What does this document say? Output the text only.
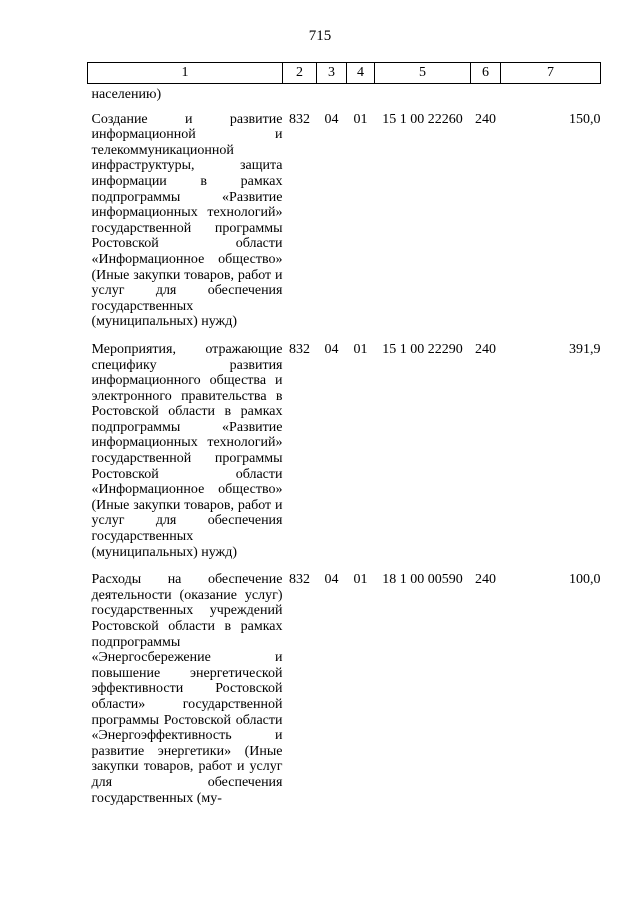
715
1	2	3	4	5	6	7
населению)						
Создание и развитие информационной и телекоммуникационной инфраструктуры, защита информации в рамках подпрограммы «Развитие информационных технологий» государственной программы Ростовской области «Информационное общество» (Иные закупки товаров, работ и услуг для обеспечения государственных (муниципальных) нужд)	832	04	01	15 1 00 22260	240	150,0
Мероприятия, отражающие специфику развития информационного общества и электронного правительства в Ростовской области в рамках подпрограммы «Развитие информационных технологий» государственной программы Ростовской области «Информационное общество» (Иные закупки товаров, работ и услуг для обеспечения государственных (муниципальных) нужд)	832	04	01	15 1 00 22290	240	391,9
Расходы на обеспечение деятельности (оказание услуг) государственных учреждений Ростовской области в рамках подпрограммы «Энергосбережение и повышение энергетической эффективности Ростовской области» государственной программы Ростовской области «Энергоэффективность и развитие энергетики» (Иные закупки товаров, работ и услуг для обеспечения государственных (му-	832	04	01	18 1 00 00590	240	100,0
